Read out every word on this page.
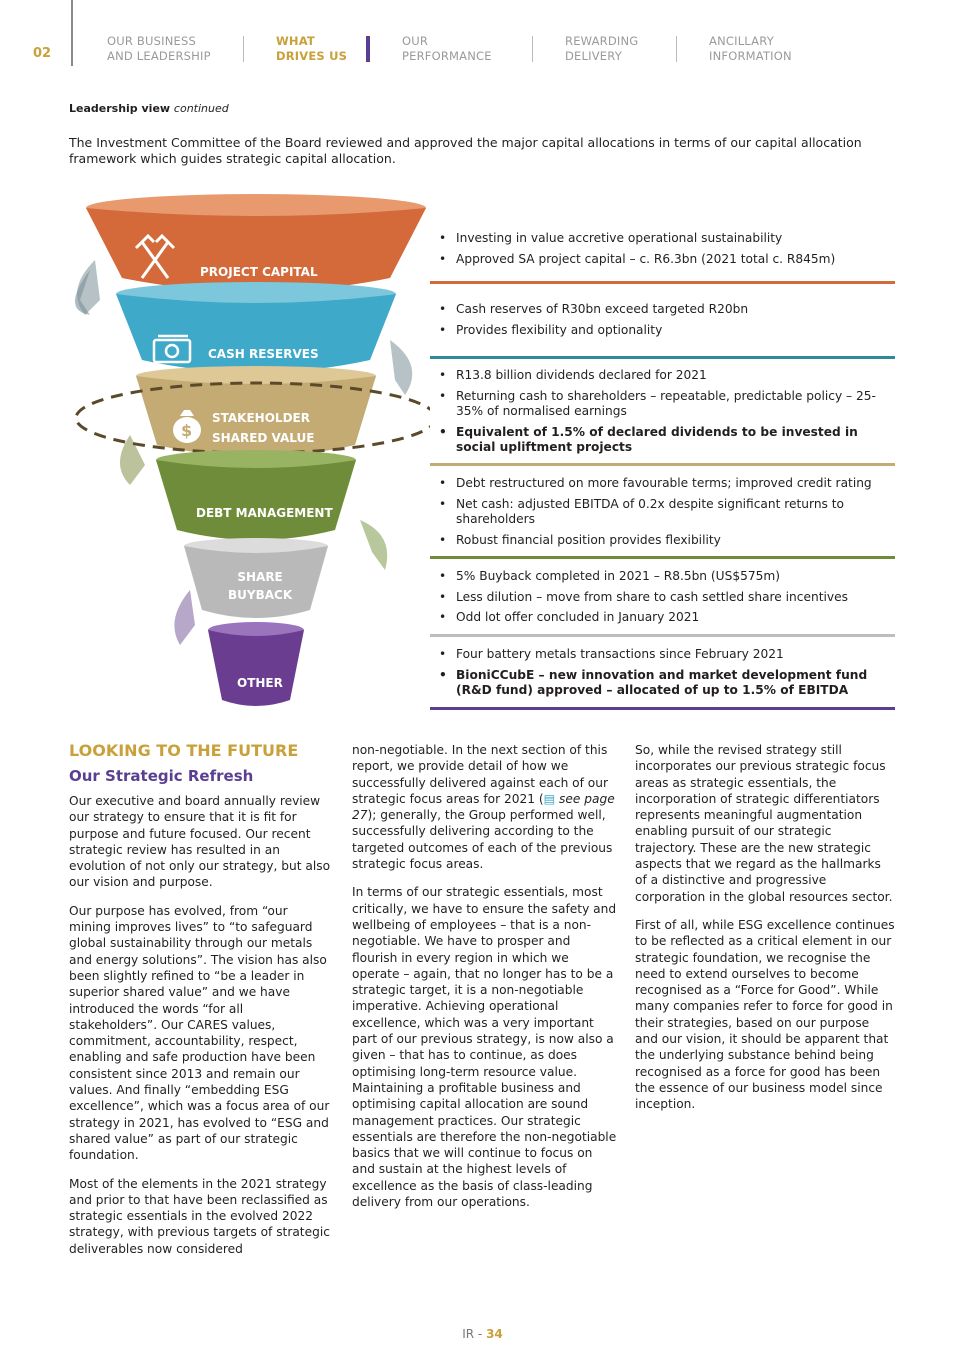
02
OUR BUSINESS
AND LEADERSHIP
WHAT
DRIVES US
OUR
PERFORMANCE
REWARDING
DELIVERY
ANCILLARY
INFORMATION
Leadership view continued
The Investment Committee of the Board reviewed and approved the major capital allocations in terms of our capital allocation framework which guides strategic capital allocation.
$
PROJECT CAPITAL
CASH RESERVES
STAKEHOLDER
SHARED VALUE
DEBT MANAGEMENT
SHARE
BUYBACK
OTHER
• Investing in value accretive operational sustainability
• Approved SA project capital – c. R6.3bn (2021 total c. R845m)
• Cash reserves of R30bn exceed targeted R20bn
• Provides flexibility and optionality
• R13.8 billion dividends declared for 2021
• Returning cash to shareholders – repeatable, predictable policy – 25-35% of normalised earnings
• Equivalent of 1.5% of declared dividends to be invested in social upliftment projects
• Debt restructured on more favourable terms; improved credit rating
• Net cash: adjusted EBITDA of 0.2x despite significant returns to shareholders
• Robust financial position provides flexibility
• 5% Buyback completed in 2021 – R8.5bn (US$575m)
• Less dilution – move from share to cash settled share incentives
• Odd lot offer concluded in January 2021
• Four battery metals transactions since February 2021
• BioniCCubE – new innovation and market development fund (R&D fund) approved – allocated of up to 1.5% of EBITDA
LOOKING TO THE FUTURE
Our Strategic Refresh

Our executive and board annually review our strategy to ensure that it is fit for purpose and future focused. Our recent strategic review has resulted in an evolution of not only our strategy, but also our vision and purpose.

Our purpose has evolved, from “our mining improves lives” to “to safeguard global sustainability through our metals and energy solutions”. The vision has also been slightly refined to “be a leader in superior shared value” and we have introduced the words “for all stakeholders”. Our CARES values, commitment, accountability, respect, enabling and safe production have been consistent since 2013 and remain our values. And finally “embedding ESG excellence”, which was a focus area of our strategy in 2021, has evolved to “ESG and shared value” as part of our strategic foundation.

Most of the elements in the 2021 strategy and prior to that have been reclassified as strategic essentials in the evolved 2022 strategy, with previous targets of strategic deliverables now considered

non-negotiable. In the next section of this report, we provide detail of how we successfully delivered against each of our strategic focus areas for 2021 (▤ see page 27); generally, the Group performed well, successfully delivering according to the targeted outcomes of each of the previous strategic focus areas.

In terms of our strategic essentials, most critically, we have to ensure the safety and wellbeing of employees – that is a non-negotiable. We have to prosper and flourish in every region in which we operate – again, that no longer has to be a strategic target, it is a non-negotiable imperative. Achieving operational excellence, which was a very important part of our previous strategy, is now also a given – that has to continue, as does optimising long-term resource value. Maintaining a profitable business and optimising capital allocation are sound management practices. Our strategic essentials are therefore the non-negotiable basics that we will continue to focus on and sustain at the highest levels of excellence as the basis of class-leading delivery from our operations.

So, while the revised strategy still incorporates our previous strategic focus areas as strategic essentials, the incorporation of strategic differentiators represents meaningful augmentation enabling pursuit of our strategic trajectory. These are the new strategic aspects that we regard as the hallmarks of a distinctive and progressive corporation in the global resources sector.

First of all, while ESG excellence continues to be reflected as a critical element in our strategic foundation, we recognise the need to extend ourselves to become recognised as a “Force for Good”. While many companies refer to force for good in their strategies, based on our purpose and our vision, it should be apparent that the underlying substance behind being recognised as a force for good has been the essence of our business model since inception.

IR - 34
